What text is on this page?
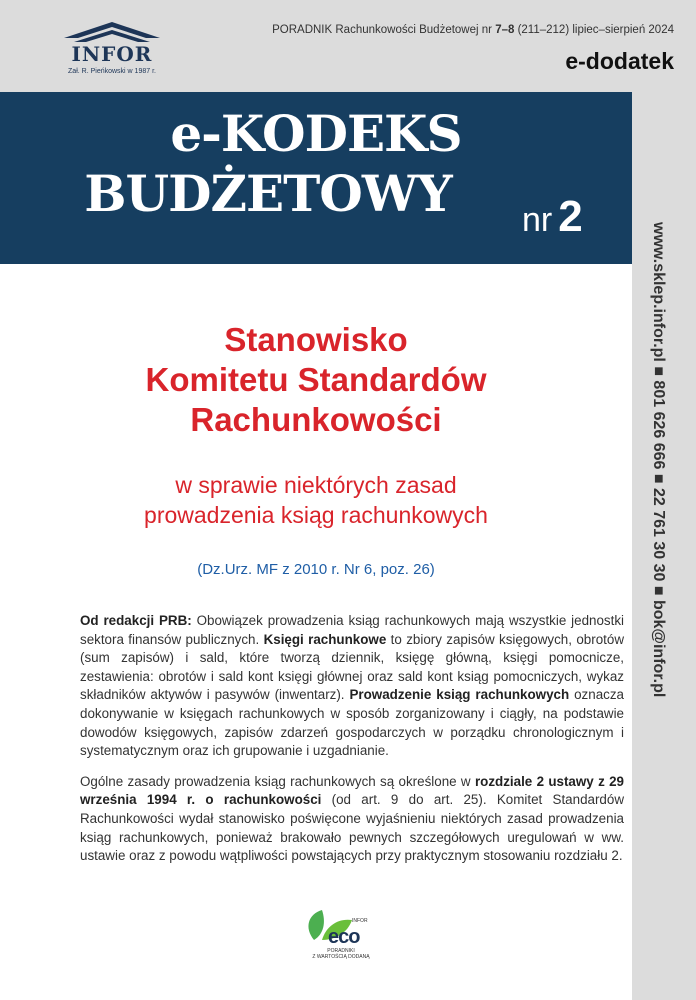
INFOR
Zał. R. Pieńkowski w 1987 r.
PORADNIK Rachunkowości Budżetowej nr 7–8 (211–212) lipiec–sierpień 2024
e-dodatek
e-KODEKS

BUDŻETOWY	nr 2
www.sklep.infor.pl ■ 801 626 666 ■ 22 761 30 30 ■ bok@infor.pl
Stanowisko
Komitetu Standardów
Rachunkowości
w sprawie niektórych zasad
prowadzenia ksiąg rachunkowych
(Dz.Urz. MF z 2010 r. Nr 6, poz. 26)

Od redakcji PRB: Obowiązek prowadzenia ksiąg rachunkowych mają wszystkie jednostki sektora finansów publicznych. Księgi rachunkowe to zbiory zapisów księgowych, obrotów (sum zapisów) i sald, które tworzą dziennik, księgę główną, księgi pomocnicze, zestawienia: obrotów i sald kont księgi głównej oraz sald kont ksiąg pomocniczych, wykaz składników aktywów i pasywów (inwentarz). Prowadzenie ksiąg rachunkowych oznacza dokonywanie w księgach rachunkowych w sposób zorganizowany i ciągły, na podstawie dowodów księgowych, zapisów zdarzeń gospodarczych w porządku chronologicznym i systematycznym oraz ich grupowanie i uzgadnianie.

Ogólne zasady prowadzenia ksiąg rachunkowych są określone w rozdziale 2 ustawy z 29 września 1994 r. o rachunkowości (od art. 9 do art. 25). Komitet Standardów Rachunkowości wydał stanowisko poświęcone wyjaśnieniu niektórych zasad prowadzenia ksiąg rachunkowych, ponieważ brakowało pewnych szczegółowych uregulowań w ww. ustawie oraz z powodu wątpliwości powstających przy praktycznym stosowaniu rozdziału 2.

INFOR
eco
PORADNIKI
Z WARTOŚCIĄ DODANĄ
